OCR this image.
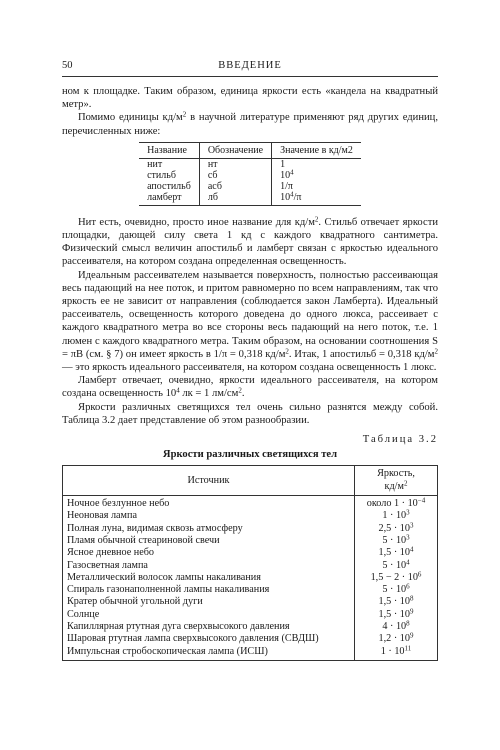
50	ВВЕДЕНИЕ

ном к площадке. Таким образом, единица яркости есть «кандела на квадратный метр».

Помимо единицы $кд/м^2$ в научной литературе применяют ряд других единиц, перечисленных ниже:

Название	Обозначение	Значение в кд/м2
нит	нт	1
стильб	сб	$10^4$
апостильб	асб	1/π
ламберт	лб	$10^4/\pi$

Нит есть, очевидно, просто иное название для $кд/м^2$. Стильб отвечает яркости площадки, дающей силу света 1 кд с каждого квадратного сантиметра. Физический смысл величин апостильб и ламберт связан с яркостью идеального рассеивателя, на котором создана определенная освещенность.

Идеальным рассеивателем называется поверхность, полностью рассеивающая весь падающий на нее поток, и притом равномерно по всем направлениям, так что яркость ее не зависит от направления (соблюдается закон Ламберта). Идеальный рассеиватель, освещенность которого доведена до одного люкса, рассеивает с каждого квадратного метра во все стороны весь падающий на него поток, т.е. 1 люмен с каждого квадратного метра. Таким образом, на основании соотношения S = πB (см. § 7) он имеет яркость в 1/π = 0,318 $кд/м^2$. Итак, 1 апостильб = 0,318 $кд/м^2$ — это яркость идеального рассеивателя, на котором создана освещенность 1 люкс.

Ламберт отвечает, очевидно, яркости идеального рассеивателя, на котором создана освещенность $10^4$ лк = 1 $лм/см^2$.

Яркости различных светящихся тел очень сильно разнятся между собой. Таблица 3.2 дает представление об этом разнообразии.

Таблица 3.2
Яркости различных светящихся тел
Источник	Яркость,
$кд/м^2$
Ночное безлунное небо	около $1 \cdot 10^{-4}$
Неоновая лампа	$1 \cdot 10^3$
Полная луна, видимая сквозь атмосферу	$2,5 \cdot 10^3$
Пламя обычной стеариновой свечи	$5 \cdot 10^3$
Ясное дневное небо	$1,5 \cdot 10^4$
Газосветная лампа	$5 \cdot 10^4$
Металлический волосок лампы накаливания	$1,5 - 2 \cdot 10^6$
Спираль газонаполненной лампы накаливания	$5 \cdot 10^6$
Кратер обычной угольной дуги	$1,5 \cdot 10^8$
Солнце	$1,5 \cdot 10^9$
Капиллярная ртутная дуга сверхвысокого давления	$4 \cdot 10^8$
Шаровая ртутная лампа сверхвысокого давления (СВДШ)	$1,2 \cdot 10^9$
Импульсная стробоскопическая лампа (ИСШ)	$1 \cdot 10^{11}$
